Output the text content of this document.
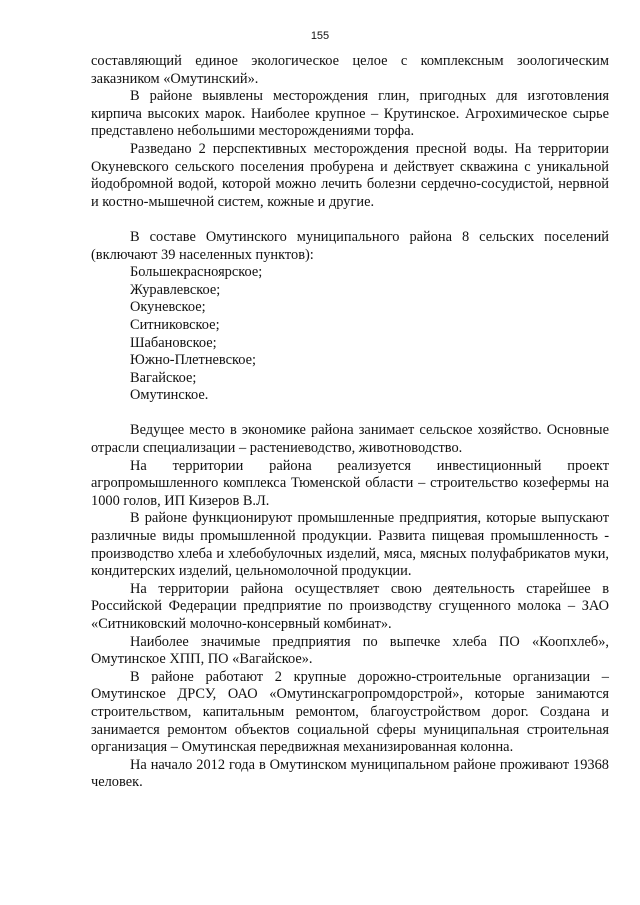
155

составляющий единое экологическое целое с комплексным зоологическим заказником «Омутинский».

В районе выявлены месторождения глин, пригодных для изготовления кирпича высоких марок. Наиболее крупное – Крутинское. Агрохимическое сырье представлено небольшими месторождениями торфа.

Разведано 2 перспективных месторождения пресной воды. На территории Окуневского сельского поселения пробурена и действует скважина с уникальной йодобромной водой, которой можно лечить болезни сердечно-сосудистой, нервной и костно-мышечной систем, кожные и другие.

В составе Омутинского муниципального района 8 сельских поселений (включают 39 населенных пунктов):

Большекрасноярское;
Журавлевское;
Окуневское;
Ситниковское;
Шабановское;
Южно-Плетневское;
Вагайское;
Омутинское.

Ведущее место в экономике района занимает сельское хозяйство. Основные отрасли специализации – растениеводство, животноводство.

На территории района реализуется инвестиционный проект агропромышленного комплекса Тюменской области – строительство козефермы на 1000 голов, ИП Кизеров В.Л.

В районе функционируют промышленные предприятия, которые выпускают различные виды промышленной продукции. Развита пищевая промышленность - производство хлеба и хлебобулочных изделий, мяса, мясных полуфабрикатов муки, кондитерских изделий, цельномолочной продукции.

На территории района осуществляет свою деятельность старейшее в Российской Федерации предприятие по производству сгущенного молока – ЗАО «Ситниковский молочно-консервный комбинат».

Наиболее значимые предприятия по выпечке хлеба ПО «Коопхлеб», Омутинское ХПП, ПО «Вагайское».

В районе работают 2 крупные дорожно-строительные организации – Омутинское ДРСУ, ОАО «Омутинскагропромдорстрой», которые занимаются строительством, капитальным ремонтом, благоустройством дорог. Создана и занимается ремонтом объектов социальной сферы муниципальная строительная организация – Омутинская передвижная механизированная колонна.

На начало 2012 года в Омутинском муниципальном районе проживают 19368 человек.
